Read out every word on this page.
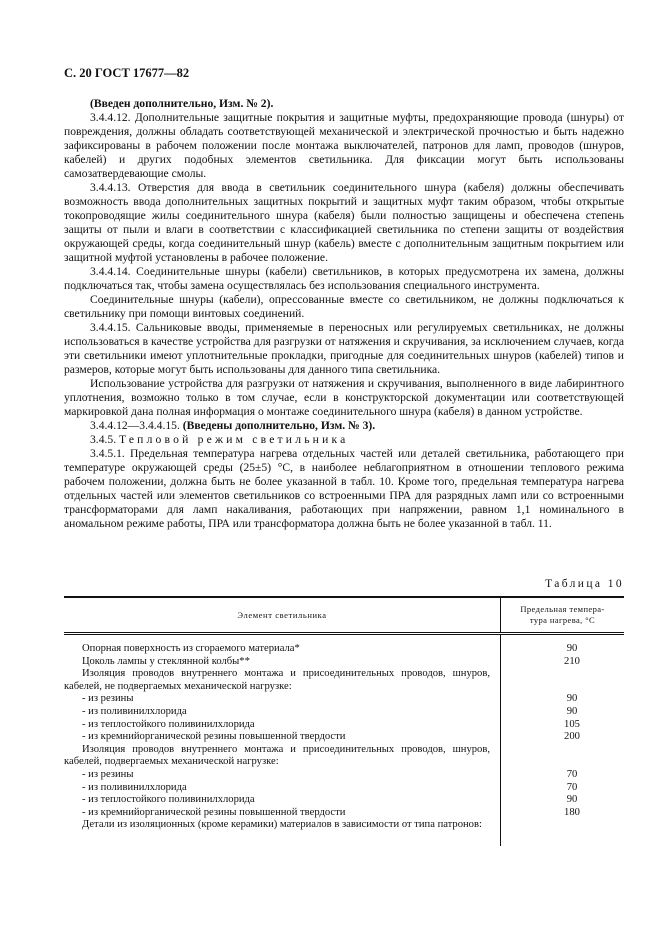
С. 20 ГОСТ 17677—82

(Введен дополнительно, Изм. № 2).

3.4.4.12. Дополнительные защитные покрытия и защитные муфты, предохраняющие провода (шнуры) от повреждения, должны обладать соответствующей механической и электрической прочностью и быть надежно зафиксированы в рабочем положении после монтажа выключателей, патронов для ламп, проводов (шнуров, кабелей) и других подобных элементов светильника. Для фиксации могут быть использованы самозатвердевающие смолы.

3.4.4.13. Отверстия для ввода в светильник соединительного шнура (кабеля) должны обеспечивать возможность ввода дополнительных защитных покрытий и защитных муфт таким образом, чтобы открытые токопроводящие жилы соединительного шнура (кабеля) были полностью защищены и обеспечена степень защиты от пыли и влаги в соответствии с классификацией светильника по степени защиты от воздействия окружающей среды, когда соединительный шнур (кабель) вместе с дополнительным защитным покрытием или защитной муфтой установлены в рабочее положение.

3.4.4.14. Соединительные шнуры (кабели) светильников, в которых предусмотрена их замена, должны подключаться так, чтобы замена осуществлялась без использования специального инструмента.

Соединительные шнуры (кабели), опрессованные вместе со светильником, не должны подключаться к светильнику при помощи винтовых соединений.

3.4.4.15. Сальниковые вводы, применяемые в переносных или регулируемых светильниках, не должны использоваться в качестве устройства для разгрузки от натяжения и скручивания, за исключением случаев, когда эти светильники имеют уплотнительные прокладки, пригодные для соединительных шнуров (кабелей) типов и размеров, которые могут быть использованы для данного типа светильника.

Использование устройства для разгрузки от натяжения и скручивания, выполненного в виде лабиринтного уплотнения, возможно только в том случае, если в конструкторской документации или соответствующей маркировкой дана полная информация о монтаже соединительного шнура (кабеля) в данном устройстве.

3.4.4.12—3.4.4.15. (Введены дополнительно, Изм. № 3).

3.4.5. Тепловой режим светильника

3.4.5.1. Предельная температура нагрева отдельных частей или деталей светильника, работающего при температуре окружающей среды (25±5) °С, в наиболее неблагоприятном в отношении теплового режима рабочем положении, должна быть не более указанной в табл. 10. Кроме того, предельная температура нагрева отдельных частей или элементов светильников со встроенными ПРА для разрядных ламп или со встроенными трансформаторами для ламп накаливания, работающих при напряжении, равном 1,1 номинального в аномальном режиме работы, ПРА или трансформатора должна быть не более указанной в табл. 11.

Таблица 10
Элемент светильника
Предельная темпера-
тура нагрева, °С
Опорная поверхность из сгораемого материала*	90
Цоколь лампы у стеклянной колбы**	210
Изоляция проводов внутреннего монтажа и присоединительных проводов, шнуров, кабелей, не подвергаемых механической нагрузке:
- из резины	90
- из поливинилхлорида	90
- из теплостойкого поливинилхлорида	105
- из кремнийорганической резины повышенной твердости	200
Изоляция проводов внутреннего монтажа и присоединительных проводов, шнуров, кабелей, подвергаемых механической нагрузке:
- из резины	70
- из поливинилхлорида	70
- из теплостойкого поливинилхлорида	90
- из кремнийорганической резины повышенной твердости	180
Детали из изоляционных (кроме керамики) материалов в зависимости от типа патронов:
